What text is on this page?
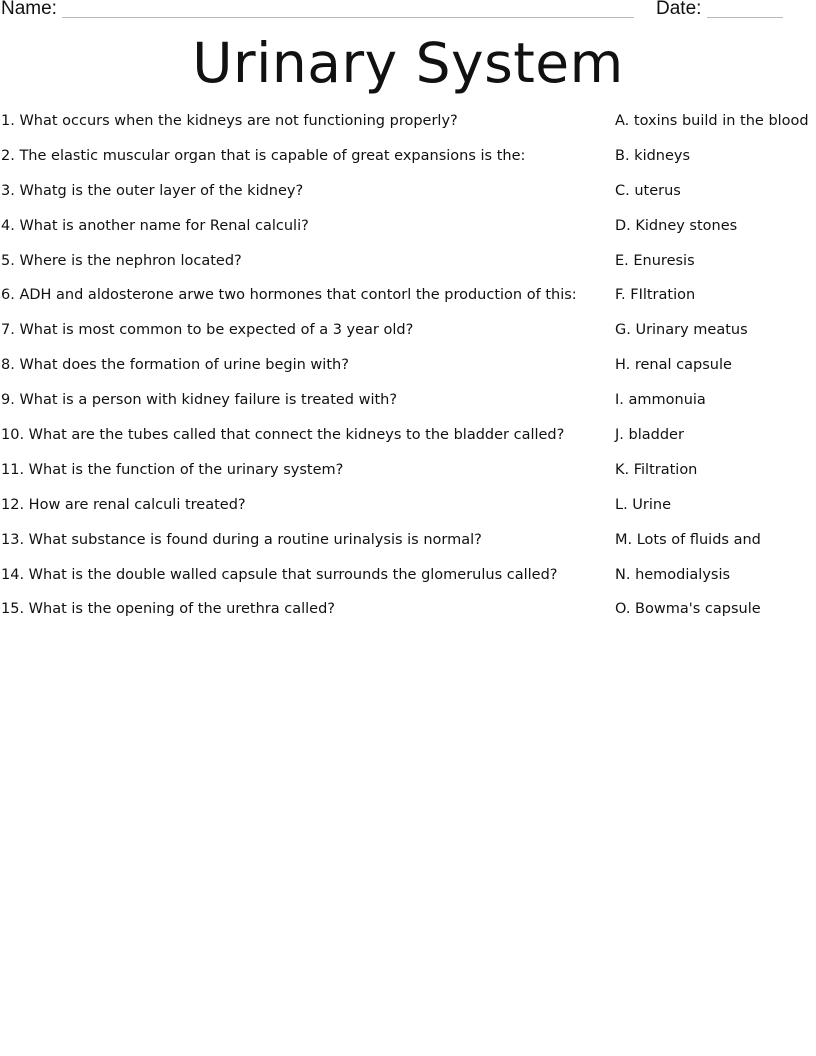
Name:	Date:
Urinary System
1. What occurs when the kidneys are not functioning properly?	A. toxins build in the blood
2. The elastic muscular organ that is capable of great expansions is the:	B. kidneys
3. Whatg is the outer layer of the kidney?	C. uterus
4. What is another name for Renal calculi?	D. Kidney stones
5. Where is the nephron located?	E. Enuresis
6. ADH and aldosterone arwe two hormones that contorl the production of this:	F. FIltration
7. What is most common to be expected of a 3 year old?	G. Urinary meatus
8. What does the formation of urine begin with?	H. renal capsule
9. What is a person with kidney failure is treated with?	I. ammonuia
10. What are the tubes called that connect the kidneys to the bladder called?	J. bladder
11. What is the function of the urinary system?	K. Filtration
12. How are renal calculi treated?	L. Urine
13. What substance is found during a routine urinalysis is normal?	M. Lots of fluids and
14. What is the double walled capsule that surrounds the glomerulus called?	N. hemodialysis
15. What is the opening of the urethra called?	O. Bowma's capsule
